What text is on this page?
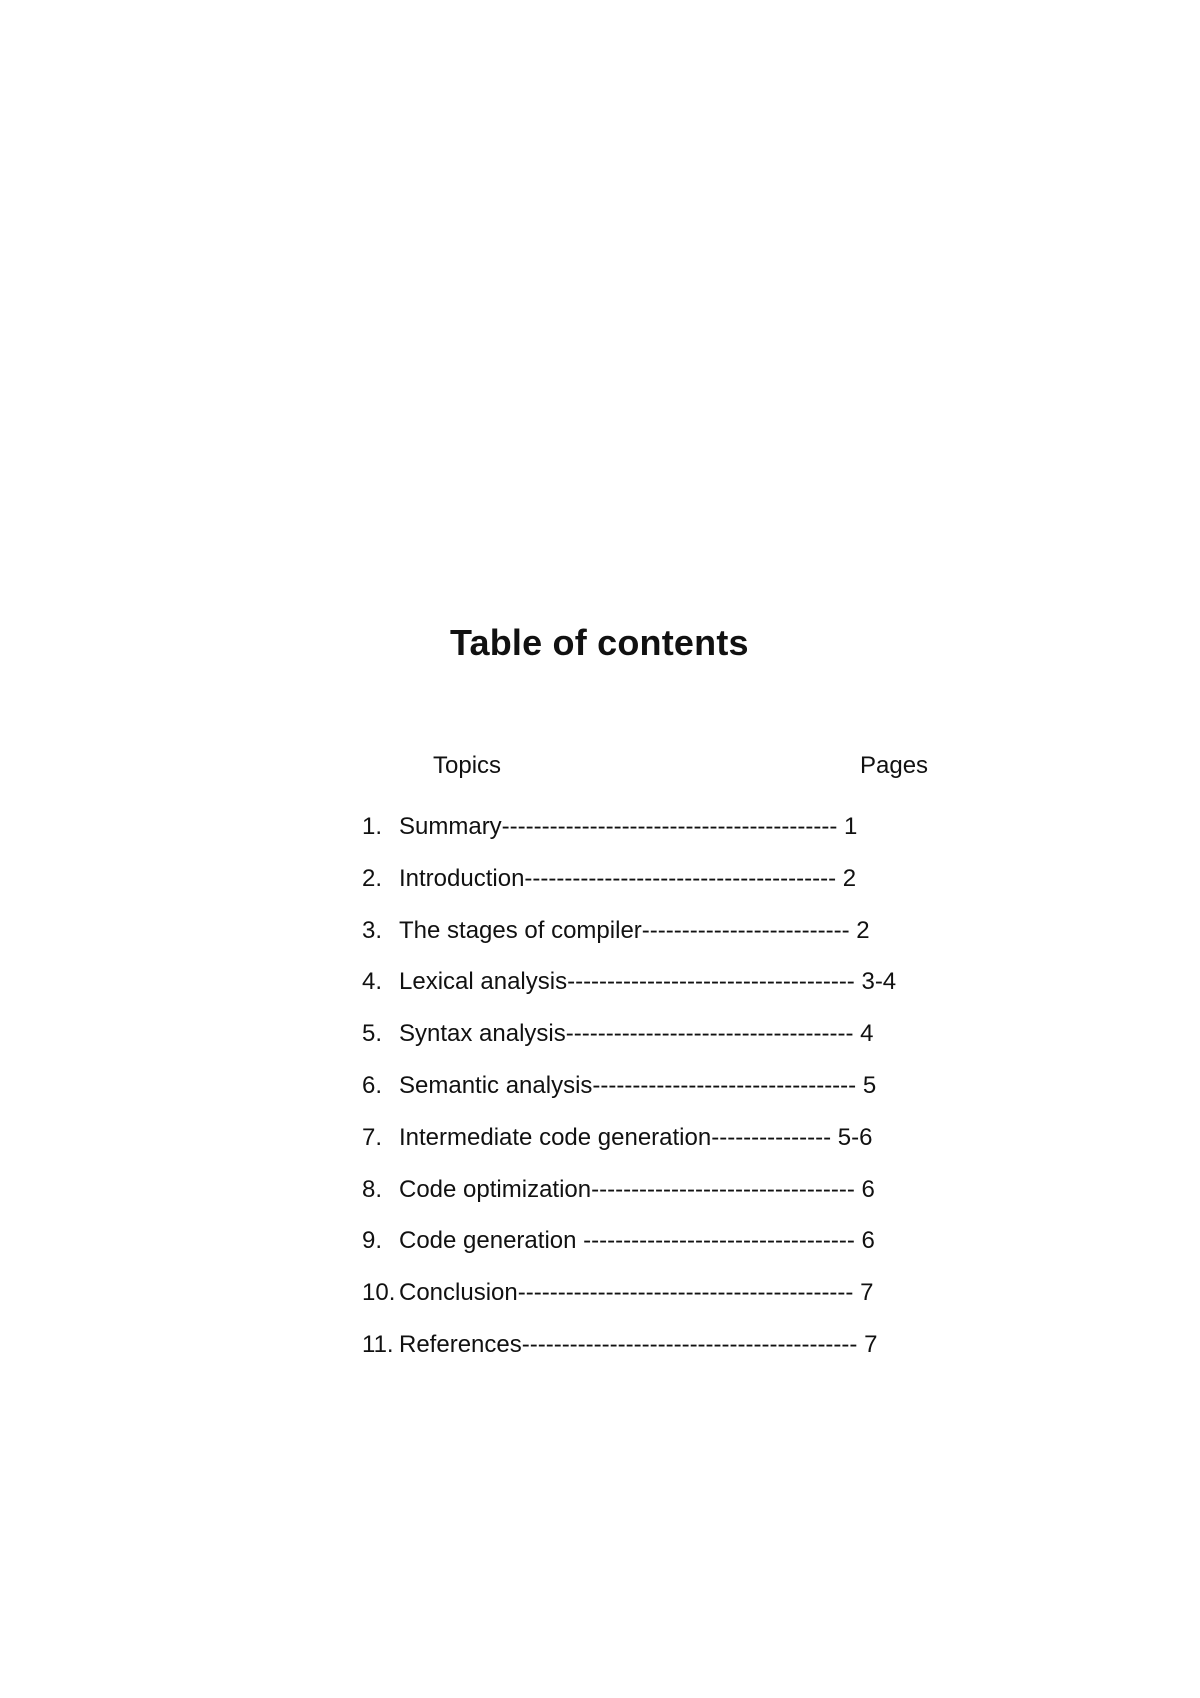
Table of contents
Topics	Pages
1. Summary------------------------------------------ 1
2. Introduction--------------------------------------- 2
3. The stages of compiler-------------------------- 2
4. Lexical analysis------------------------------------ 3-4
5. Syntax analysis------------------------------------ 4
6. Semantic analysis--------------------------------- 5
7. Intermediate code generation--------------- 5-6
8. Code optimization--------------------------------- 6
9. Code generation ---------------------------------- 6
10. Conclusion------------------------------------------ 7
11. References------------------------------------------ 7
